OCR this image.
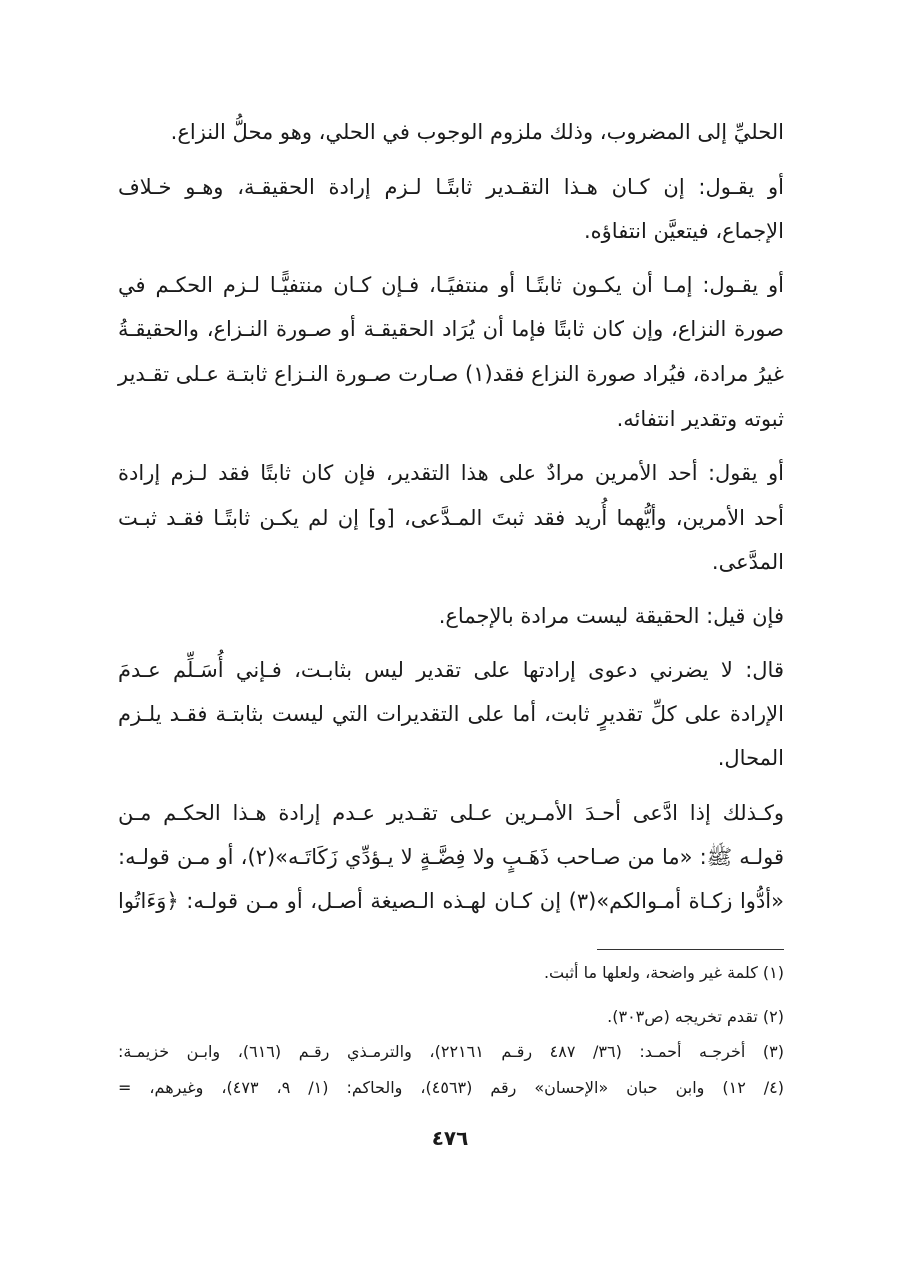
الحليِّ إلى المضروب، وذلك ملزوم الوجوب في الحلي، وهو محلُّ النزاع.
أو يقـول: إن كـان هـذا التقـدير ثابتًـا لـزم إرادة الحقيقـة، وهـو خـلاف
الإجماع، فيتعيَّن انتفاؤه.
أو يقـول: إمـا أن يكـون ثابتًـا أو منتفيًـا، فـإن كـان منتفيًّـا لـزم الحكـم في
صورة النزاع، وإن كان ثابتًا فإما أن يُرَاد الحقيقـة أو صـورة النـزاع، والحقيقـةُ
غيرُ مرادة، فيُراد صورة النزاع فقد(١) صـارت صـورة النـزاع ثابتـة عـلى تقـدير
ثبوته وتقدير انتفائه.
أو يقول: أحد الأمرين مرادٌ على هذا التقدير، فإن كان ثابتًا فقد لـزم إرادة
أحد الأمرين، وأيُّهما أُريد فقد ثبتَ المـدَّعى، [و] إن لم يكـن ثابتًـا فقـد ثبـت
المدَّعى.
فإن قيل: الحقيقة ليست مرادة بالإجماع.
قال: لا يضرني دعوى إرادتها على تقدير ليس بثابـت، فـإني أُسَـلِّم عـدمَ
الإرادة على كلِّ تقديرٍ ثابت، أما على التقديرات التي ليست بثابتـة فقـد يلـزم
المحال.
وكـذلك إذا ادَّعى أحـدَ الأمـرين عـلى تقـدير عـدم إرادة هـذا الحكـم مـن
قولـه ﷺ: «ما من صـاحب ذَهَـبٍ ولا فِضَّـةٍ لا يـؤدِّي زَكَاتَـه»(٢)، أو مـن قولـه:
«أدُّوا زكـاة أمـوالكم»(٣) إن كـان لهـذه الـصيغة أصـل، أو مـن قولـه: ﴿وَءَاتُوا
(١) كلمة غير واضحة، ولعلها ما أثبت.
(٢) تقدم تخريجه (ص٣٠٣).
(٣) أخرجـه أحمـد: (٣٦/ ٤٨٧ رقـم ٢٢١٦١)، والترمـذي رقـم (٦١٦)، وابـن خزيمـة:
(٤/ ١٢) وابن حبان «الإحسان» رقم (٤٥٦٣)، والحاكم: (١/ ٩، ٤٧٣)، وغيرهم، =
٤٧٦
